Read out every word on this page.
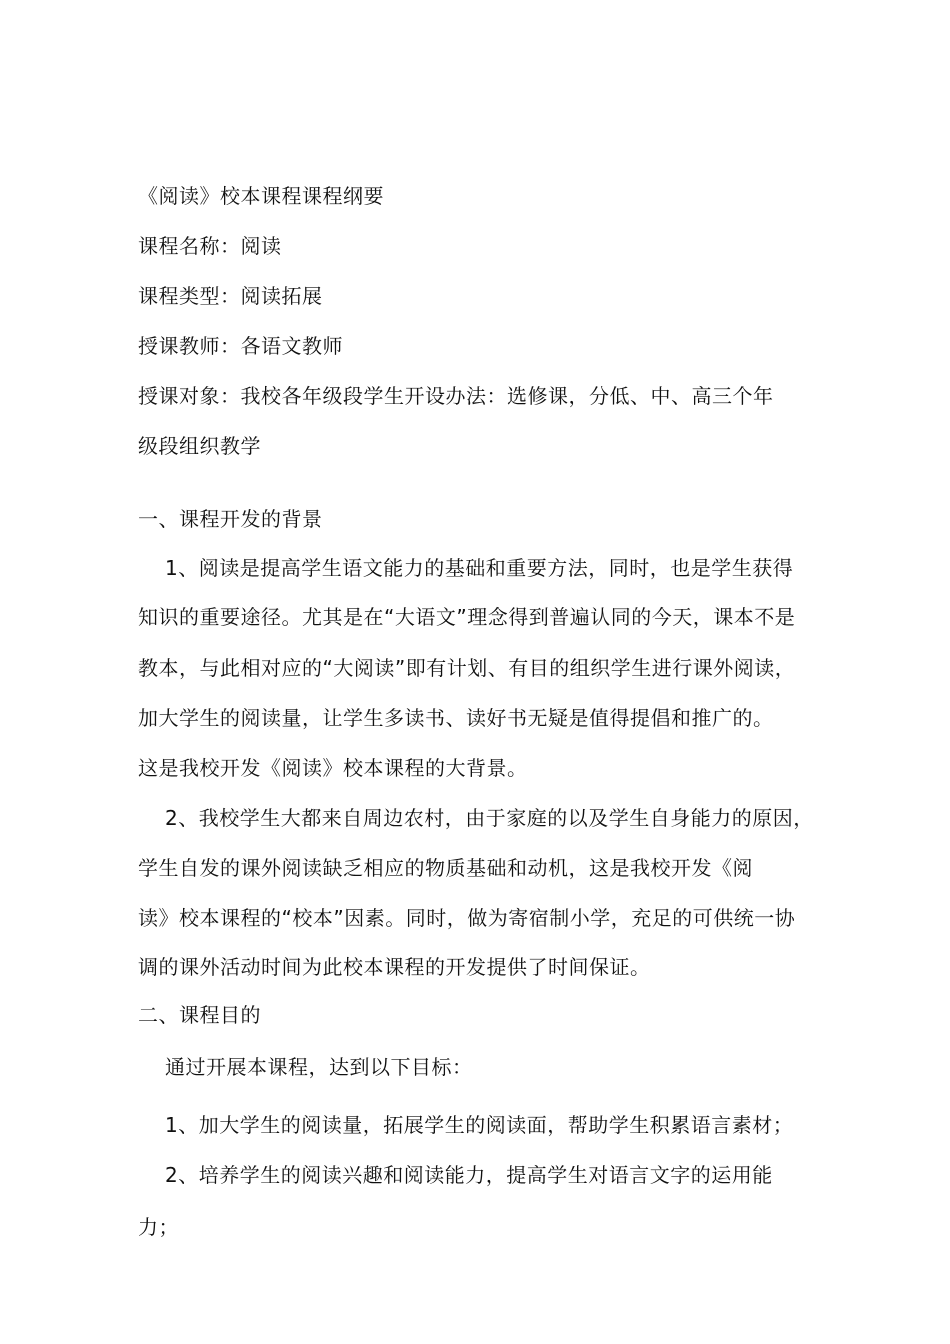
《阅读》校本课程课程纲要
课程名称：阅读
课程类型：阅读拓展
授课教师：各语文教师
授课对象：我校各年级段学生开设办法：选修课，分低、中、高三个年
级段组织教学
一、课程开发的背景
1、阅读是提高学生语文能力的基础和重要方法，同时，也是学生获得
知识的重要途径。尤其是在“大语文”理念得到普遍认同的今天，课本不是
教本，与此相对应的“大阅读”即有计划、有目的组织学生进行课外阅读，
加大学生的阅读量，让学生多读书、读好书无疑是值得提倡和推广的。
这是我校开发《阅读》校本课程的大背景。
2、我校学生大都来自周边农村，由于家庭的以及学生自身能力的原因，
学生自发的课外阅读缺乏相应的物质基础和动机，这是我校开发《阅
读》校本课程的“校本”因素。同时，做为寄宿制小学，充足的可供统一协
调的课外活动时间为此校本课程的开发提供了时间保证。
二、课程目的
通过开展本课程，达到以下目标：
1、加大学生的阅读量，拓展学生的阅读面，帮助学生积累语言素材；
2、培养学生的阅读兴趣和阅读能力，提高学生对语言文字的运用能
力；
